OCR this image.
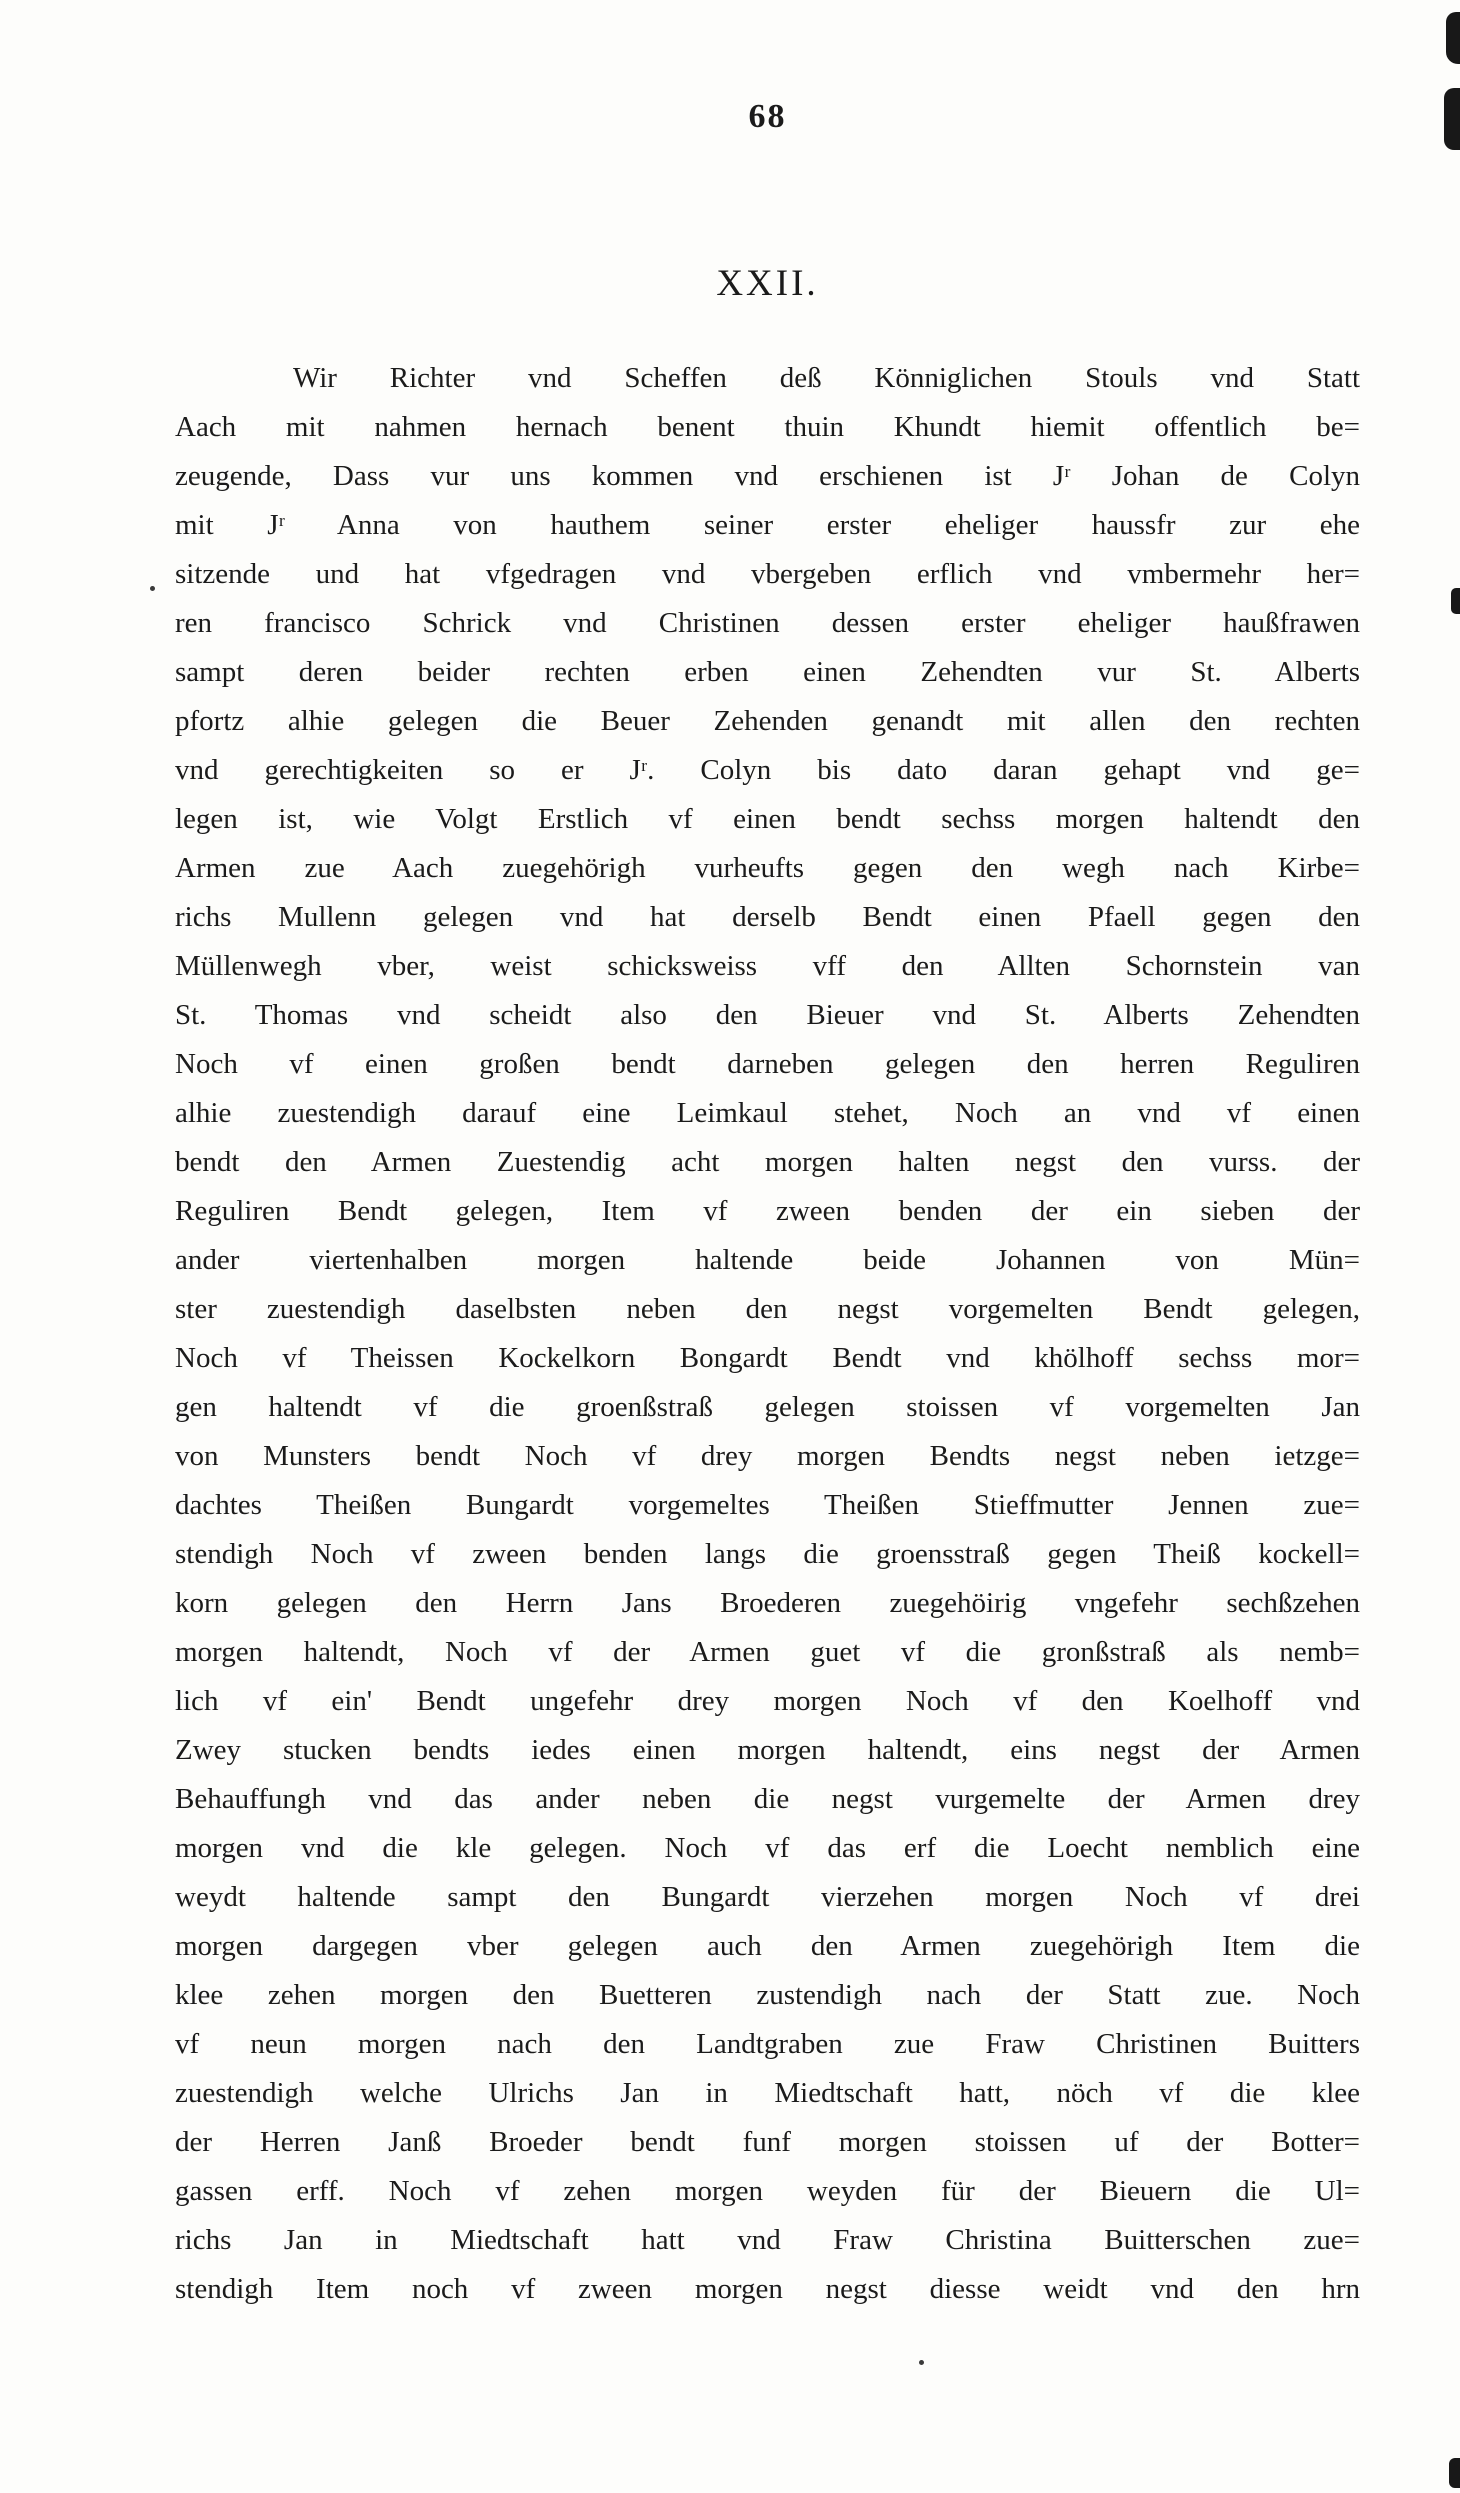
68
XXII.
Wir Richter vnd Scheffen deß Könniglichen Stouls vnd Statt
Aach mit nahmen hernach benent thuin Khundt hiemit offentlich be=
zeugende, Dass vur uns kommen vnd erschienen ist Jʳ Johan de Colyn
mit Jʳ Anna von hauthem seiner erster eheliger haussfr zur ehe
sitzende und hat vfgedragen vnd vbergeben erflich vnd vmbermehr her=
ren francisco Schrick vnd Christinen dessen erster eheliger haußfrawen
sampt deren beider rechten erben einen Zehendten vur St. Alberts
pfortz alhie gelegen die Beuer Zehenden genandt mit allen den rechten
vnd gerechtigkeiten so er Jʳ. Colyn bis dato daran gehapt vnd ge=
legen ist, wie Volgt Erstlich vf einen bendt sechss morgen haltendt den
Armen zue Aach zuegehörigh vurheufts gegen den wegh nach Kirbe=
richs Mullenn gelegen vnd hat derselb Bendt einen Pfaell gegen den
Müllenwegh vber, weist schicksweiss vff den Allten Schornstein van
St. Thomas vnd scheidt also den Bieuer vnd St. Alberts Zehendten
Noch vf einen großen bendt darneben gelegen den herren Reguliren
alhie zuestendigh darauf eine Leimkaul stehet, Noch an vnd vf einen
bendt den Armen Zuestendig acht morgen halten negst den vurss. der
Reguliren Bendt gelegen, Item vf zween benden der ein sieben der
ander viertenhalben morgen haltende beide Johannen von Mün=
ster zuestendigh daselbsten neben den negst vorgemelten Bendt gelegen,
Noch vf Theissen Kockelkorn Bongardt Bendt vnd khölhoff sechss mor=
gen haltendt vf die groenßstraß gelegen stoissen vf vorgemelten Jan
von Munsters bendt Noch vf drey morgen Bendts negst neben ietzge=
dachtes Theißen Bungardt vorgemeltes Theißen Stieffmutter Jennen zue=
stendigh Noch vf zween benden langs die groensstraß gegen Theiß kockell=
korn gelegen den Herrn Jans Broederen zuegehöirig vngefehr sechßzehen
morgen haltendt, Noch vf der Armen guet vf die gronßstraß als nemb=
lich vf ein' Bendt ungefehr drey morgen Noch vf den Koelhoff vnd
Zwey stucken bendts iedes einen morgen haltendt, eins negst der Armen
Behauffungh vnd das ander neben die negst vurgemelte der Armen drey
morgen vnd die kle gelegen. Noch vf das erf die Loecht nemblich eine
weydt haltende sampt den Bungardt vierzehen morgen Noch vf drei
morgen dargegen vber gelegen auch den Armen zuegehörigh Item die
klee zehen morgen den Buetteren zustendigh nach der Statt zue. Noch
vf neun morgen nach den Landtgraben zue Fraw Christinen Buitters
zuestendigh welche Ulrichs Jan in Miedtschaft hatt, nöch vf die klee
der Herren Janß Broeder bendt funf morgen stoissen uf der Botter=
gassen erff. Noch vf zehen morgen weyden für der Bieuern die Ul=
richs Jan in Miedtschaft hatt vnd Fraw Christina Buitterschen zue=
stendigh Item noch vf zween morgen negst diesse weidt vnd den hrn
